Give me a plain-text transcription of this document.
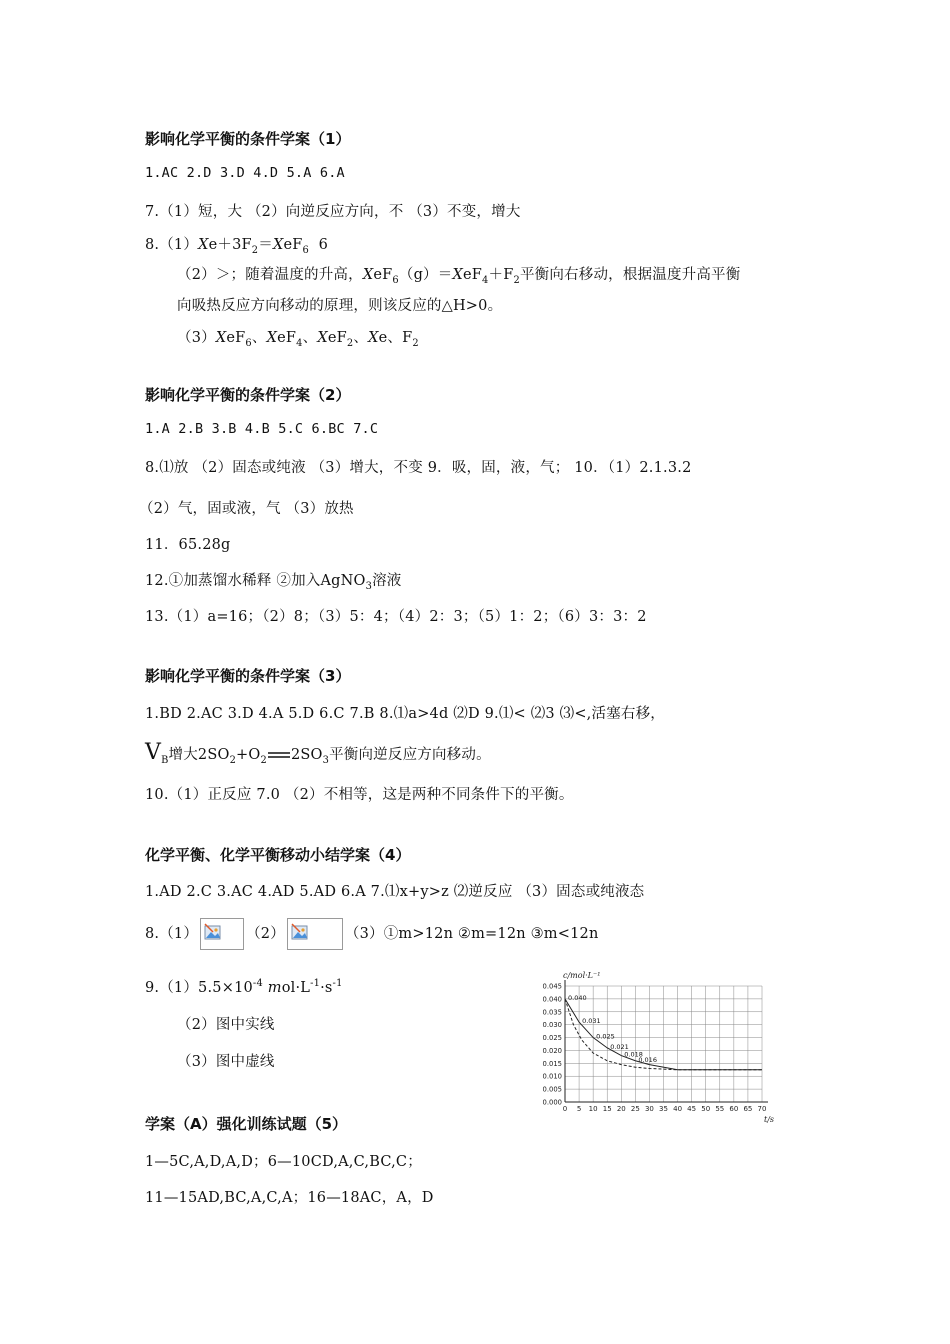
影响化学平衡的条件学案（1）
1.AC 2.D 3.D 4.D 5.A 6.A
7.（1）短，大 （2）向逆反应方向，不 （3）不变，增大
$8.(1)Xe+3F_2=XeF_6$  6
（2）＞；随着温度的升高，$XeF_6(g)=XeF_4+F_2$平衡向右移动，根据温度升高平衡
向吸热反应方向移动的原理，则该反应的△H>0。
（3）XeF$_6$、XeF$_4$、XeF$_2$、Xe、$F_2$
影响化学平衡的条件学案（2）
1.A 2.B 3.B 4.B 5.C 6.BC 7.C
8.⑴放 （2）固态或纯液 （3）增大，不变 9．吸，固，液，气； 10．（1）2.1.3.2
（2）气，固或液，气 （3）放热
11．65.28g
12.①加蒸馏水稀释 ②加入AgNO$_3$溶液
13.（1）a=16；（2）8；（3）5：4；（4）2：3；（5）1：2；（6）3：3：2
影响化学平衡的条件学案（3）
1.BD 2.AC 3.D 4.A 5.D 6.C 7.B 8.⑴a>4d ⑵D 9.⑴< ⑵3 ⑶<,活塞右移，
$V_B$增大$2SO_2+O_2$ $2SO_3$平衡向逆反应方向移动。
10.（1）正反应 7.0 （2）不相等，这是两种不同条件下的平衡。
化学平衡、化学平衡移动小结学案（4）
1.AD 2.C 3.AC 4.AD 5.AD 6.A 7.⑴x+y>z ⑵逆反应 （3）固态或纯液态
8.（1）	（2）	（3）①m>12n ②m=12n ③m<12n
$9.(1)5.5\times 10^{-4}$ $mol\cdot L^{-1}\cdot s^{-1}$
（2）图中实线
（3）图中虚线
0 5 10 15 20 25 30 35 40 45 50 55 60 65 70
0.000
0.005
0.010
0.015
0.020
0.025
0.030
0.035
0.040
0.045
c/mol·L⁻¹
t/s
0.040
0.031
0.025
0.021
0.018
0.016
学案（A）强化训练试题（5）
1—5C,A,D,A,D；6—10CD,A,C,BC,C；
11—15AD,BC,A,C,A；16—18AC，A，D
